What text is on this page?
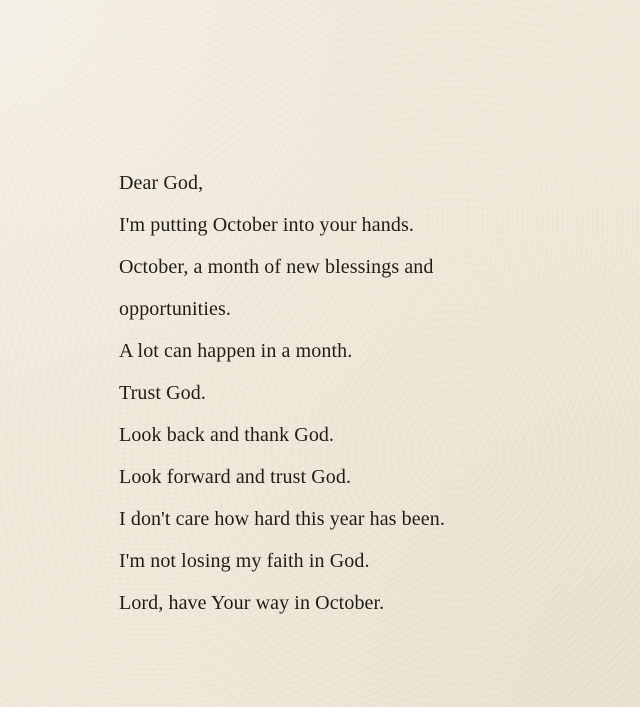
Dear God,
I'm putting October into your hands.
October, a month of new blessings and
opportunities.
A lot can happen in a month.
Trust God.
Look back and thank God.
Look forward and trust God.
I don't care how hard this year has been.
I'm not losing my faith in God.
Lord, have Your way in October.
